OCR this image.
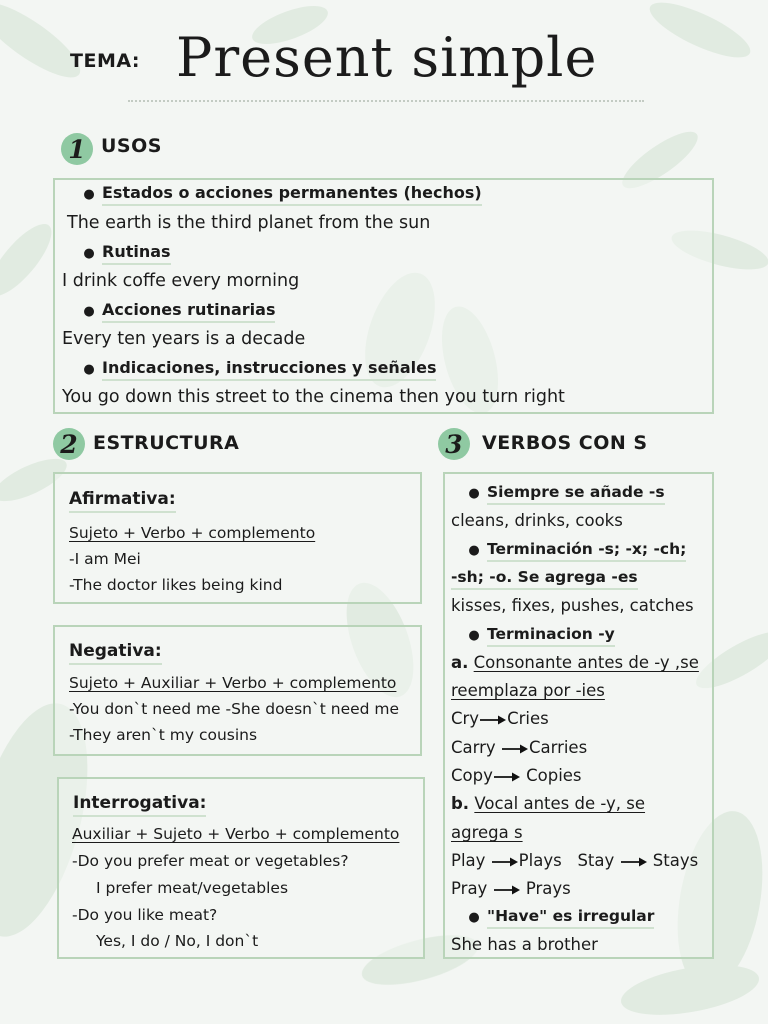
TEMA: Present simple
1 USOS
● Estados o acciones permanentes (hechos)
The earth is the third planet from the sun
● Rutinas
I drink coffe every morning
● Acciones rutinarias
Every ten years is a decade
● Indicaciones, instrucciones y señales
You go down this street to the cinema then you turn right
2 ESTRUCTURA
Afirmativa:
Sujeto + Verbo + complemento
-I am Mei
-The doctor likes being kind
Negativa:
Sujeto + Auxiliar + Verbo + complemento
-You don`t need me -She doesn`t need me
-They aren`t my cousins
Interrogativa:
Auxiliar + Sujeto + Verbo + complemento
-Do you prefer meat or vegetables?
I prefer meat/vegetables
-Do you like meat?
Yes, I do / No, I don`t
3	VERBOS CON S
● Siempre se añade -s
cleans, drinks, cooks
● Terminación -s; -x; -ch;
-sh; -o. Se agrega -es
kisses, fixes, pushes, catches
● Terminacion -y
a. Consonante antes de -y ,se
reemplaza por -ies
Cry Cries
Carry Carries
Copy Copies
b. Vocal antes de -y, se
agrega s
Play Plays Stay Stays
Pray Prays
● "Have" es irregular
She has a brother
